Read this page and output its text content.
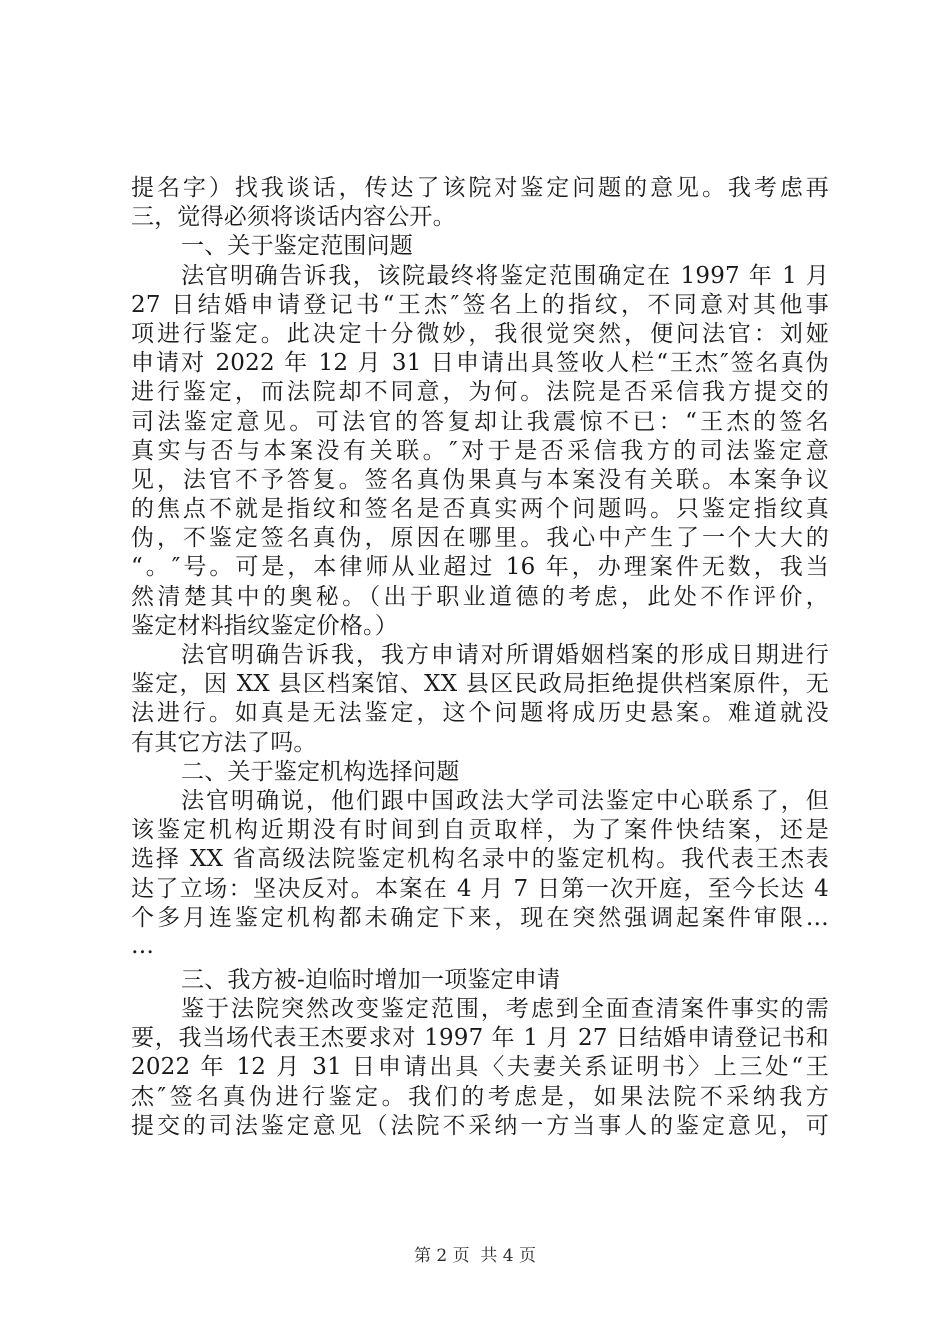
提名字）找我谈话，传达了该院对鉴定问题的意见。我考虑再
三，觉得必须将谈话内容公开。
一、关于鉴定范围问题
法官明确告诉我，该院最终将鉴定范围确定在 1997 年 1 月
27 日结婚申请登记书“王杰″签名上的指纹，不同意对其他事
项进行鉴定。此决定十分微妙，我很觉突然，便问法官：刘娅
申请对 2022 年 12 月 31 日申请出具签收人栏“王杰″签名真伪
进行鉴定，而法院却不同意，为何。法院是否采信我方提交的
司法鉴定意见。可法官的答复却让我震惊不已：“王杰的签名
真实与否与本案没有关联。″对于是否采信我方的司法鉴定意
见，法官不予答复。签名真伪果真与本案没有关联。本案争议
的焦点不就是指纹和签名是否真实两个问题吗。只鉴定指纹真
伪，不鉴定签名真伪，原因在哪里。我心中产生了一个大大的
“。″号。可是，本律师从业超过 16 年，办理案件无数，我当
然清楚其中的奥秘。（出于职业道德的考虑，此处不作评价，
鉴定材料指纹鉴定价格。）
法官明确告诉我，我方申请对所谓婚姻档案的形成日期进行
鉴定，因 XX 县区档案馆、XX 县区民政局拒绝提供档案原件，无
法进行。如真是无法鉴定，这个问题将成历史悬案。难道就没
有其它方法了吗。
二、关于鉴定机构选择问题
法官明确说，他们跟中国政法大学司法鉴定中心联系了，但
该鉴定机构近期没有时间到自贡取样，为了案件快结案，还是
选择 XX 省高级法院鉴定机构名录中的鉴定机构。我代表王杰表
达了立场：坚决反对。本案在 4 月 7 日第一次开庭，至今长达 4
个多月连鉴定机构都未确定下来，现在突然强调起案件审限…
…
三、我方被-迫临时增加一项鉴定申请
鉴于法院突然改变鉴定范围，考虑到全面查清案件事实的需
要，我当场代表王杰要求对 1997 年 1 月 27 日结婚申请登记书和
2022 年 12 月 31 日申请出具〈夫妻关系证明书〉上三处“王
杰″签名真伪进行鉴定。我们的考虑是，如果法院不采纳我方
提交的司法鉴定意见（法院不采纳一方当事人的鉴定意见，可
第 2 页  共 4 页
